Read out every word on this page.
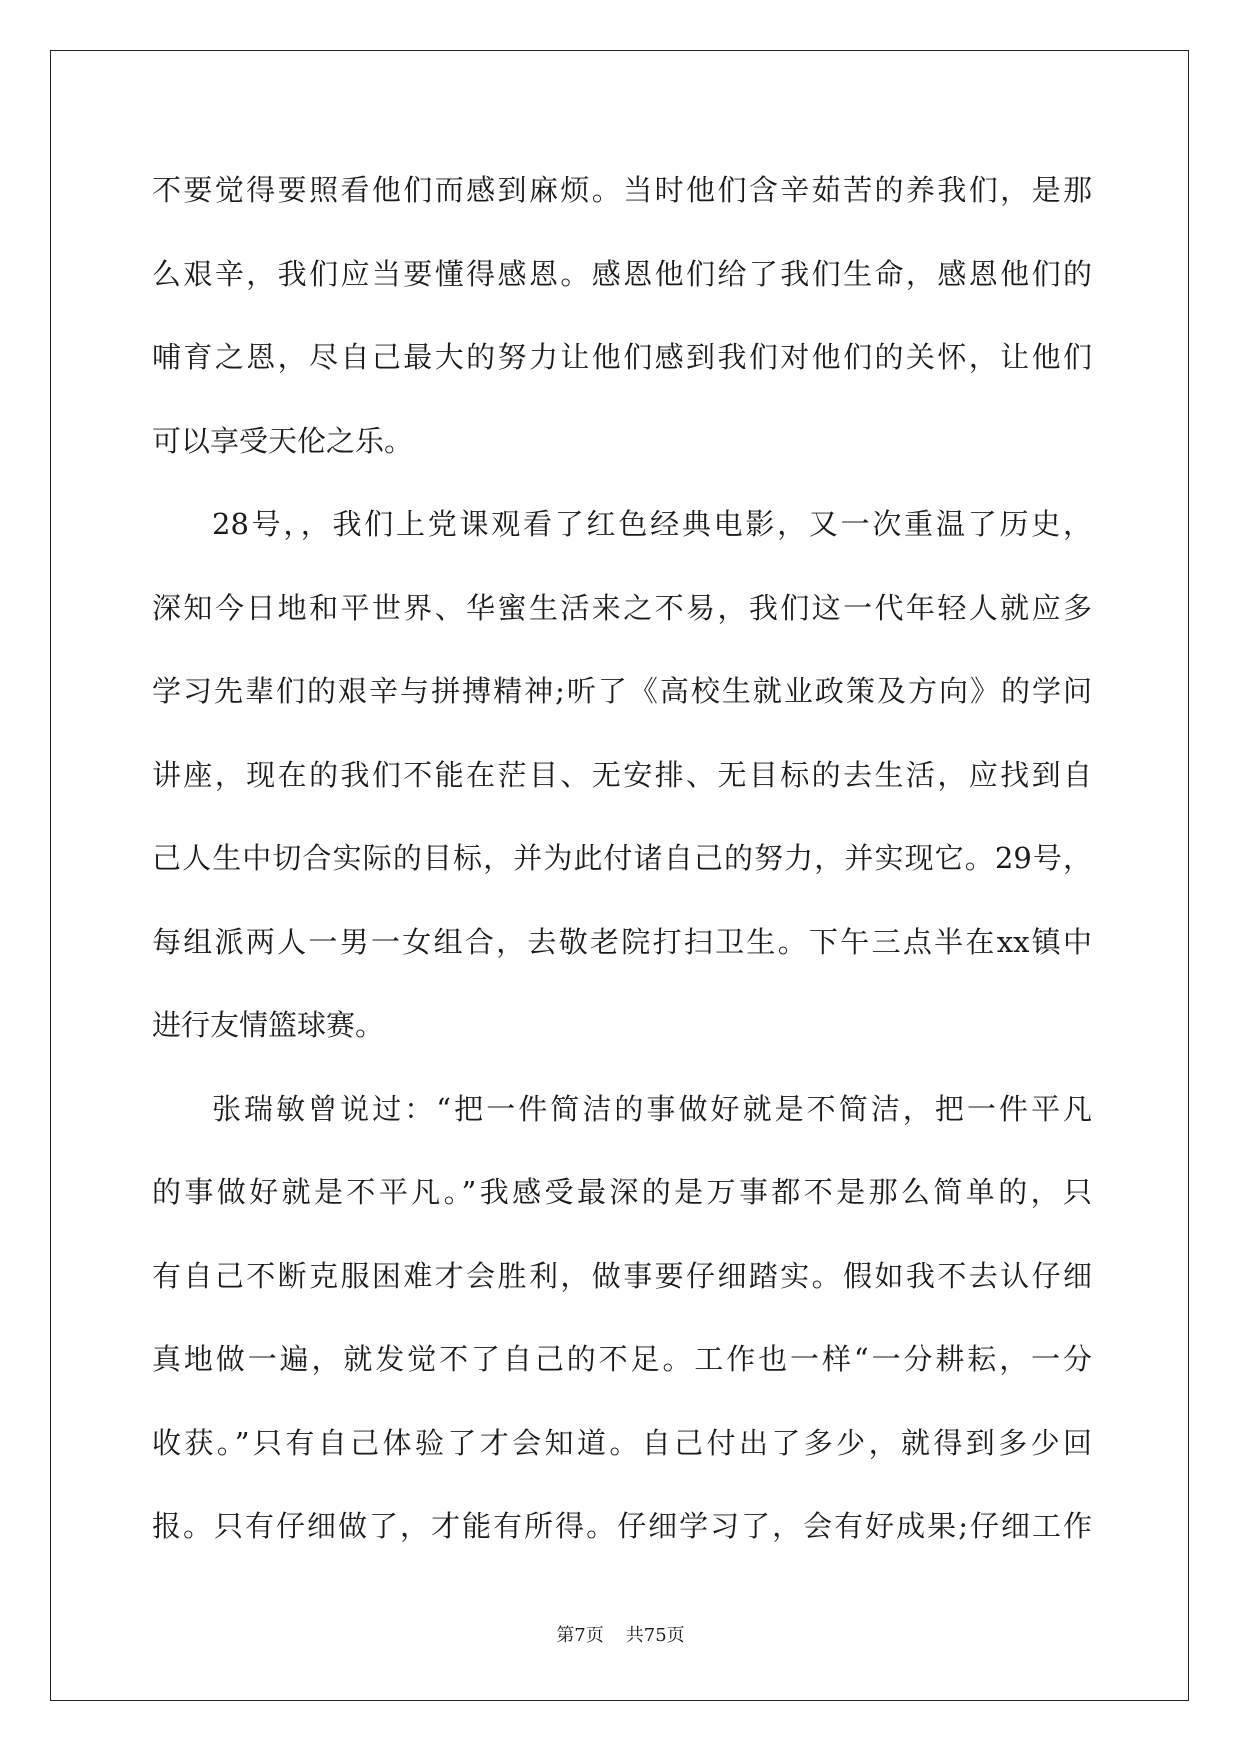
不要觉得要照看他们而感到麻烦。当时他们含辛茹苦的养我们，是那
么艰辛，我们应当要懂得感恩。感恩他们给了我们生命，感恩他们的
哺育之恩，尽自己最大的努力让他们感到我们对他们的关怀，让他们
可以享受天伦之乐。
28号，，我们上党课观看了红色经典电影，又一次重温了历史，
深知今日地和平世界、华蜜生活来之不易，我们这一代年轻人就应多
学习先辈们的艰辛与拼搏精神;听了《高校生就业政策及方向》的学问
讲座，现在的我们不能在茫目、无安排、无目标的去生活，应找到自
己人生中切合实际的目标，并为此付诸自己的努力，并实现它。29号，
每组派两人一男一女组合，去敬老院打扫卫生。下午三点半在xx镇中
进行友情篮球赛。
张瑞敏曾说过：“把一件简洁的事做好就是不简洁，把一件平凡
的事做好就是不平凡。”我感受最深的是万事都不是那么简单的，只
有自己不断克服困难才会胜利，做事要仔细踏实。假如我不去认仔细
真地做一遍，就发觉不了自己的不足。工作也一样“一分耕耘，一分
收获。”只有自己体验了才会知道。自己付出了多少，就得到多少回
报。只有仔细做了，才能有所得。仔细学习了，会有好成果;仔细工作
第7页 共75页
